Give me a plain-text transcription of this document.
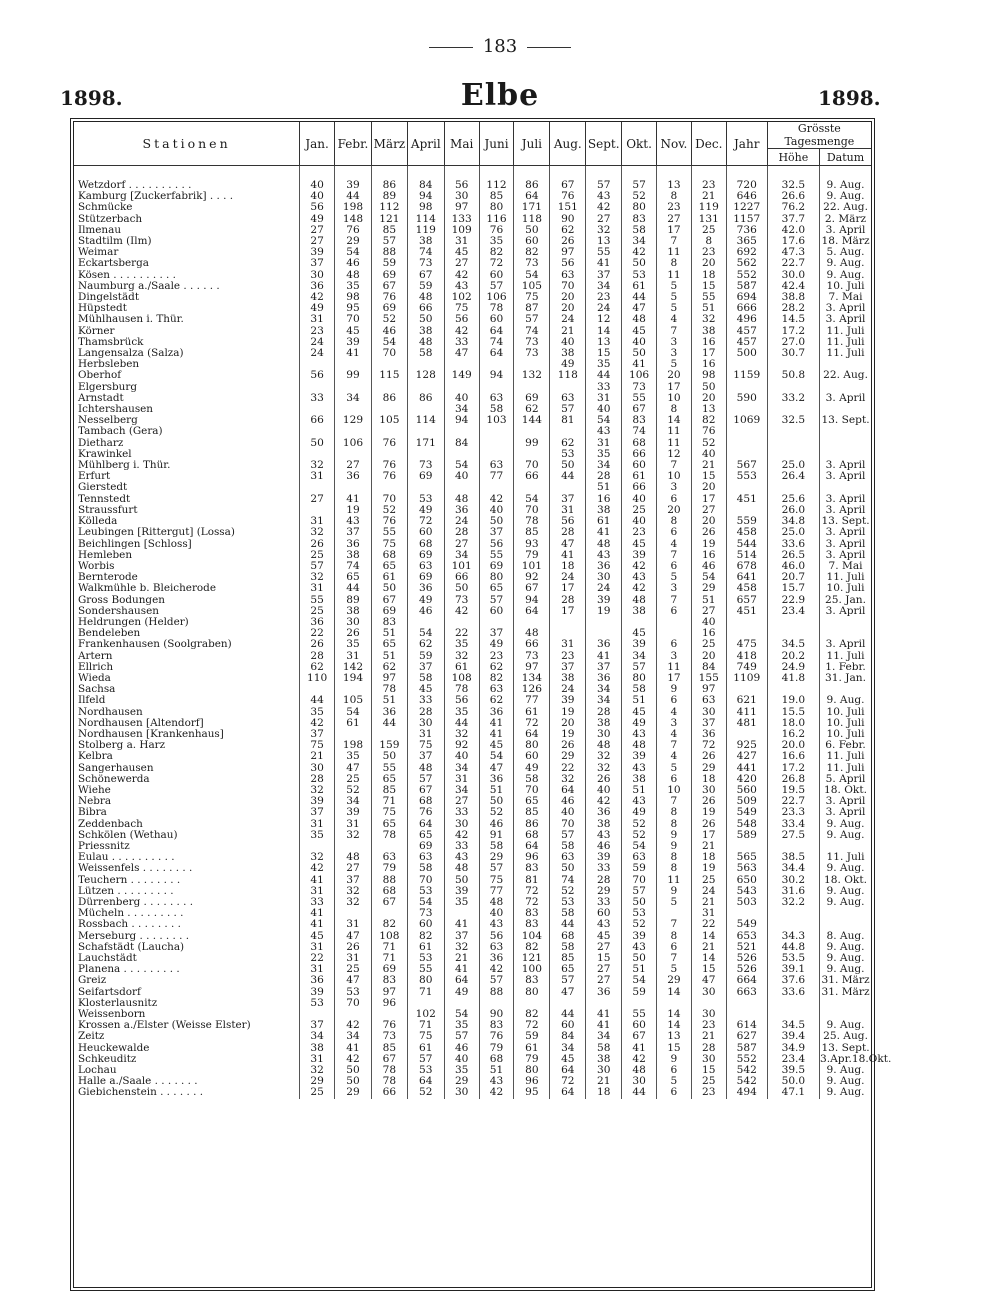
183
1898.	Elbe	1898.
Stationen	Jan.	Febr.	März	April	Mai	Juni	Juli	Aug.	Sept.	Okt.	Nov.	Dec.	Jahr	Grösste Tagesmenge	
														Höhe	Datum

Wetzdorf . . . . . . . . . .	40	39	86	84	56	112	86	67	57	57	13	23	720	32.5	9. Aug.
Kamburg [Zuckerfabrik] . . . .	40	44	89	94	30	85	64	76	43	52	8	21	646	26.6	9. Aug.
Schmücke	56	198	112	98	97	80	171	151	42	80	23	119	1227	76.2	22. Aug.
Stützerbach	49	148	121	114	133	116	118	90	27	83	27	131	1157	37.7	2. März
Ilmenau	27	76	85	119	109	76	50	62	32	58	17	25	736	42.0	3. April
Stadtilm (Ilm)	27	29	57	38	31	35	60	26	13	34	7	8	365	17.6	18. März
Weimar	39	54	88	74	45	82	82	97	55	42	11	23	692	47.3	5. Aug.
Eckartsberga	37	46	59	73	27	72	73	56	41	50	8	20	562	22.7	9. Aug.
Kösen . . . . . . . . . .	30	48	69	67	42	60	54	63	37	53	11	18	552	30.0	9. Aug.
Naumburg a./Saale . . . . . .	36	35	67	59	43	57	105	70	34	61	5	15	587	42.4	10. Juli
Dingelstädt	42	98	76	48	102	106	75	20	23	44	5	55	694	38.8	7. Mai
Hüpstedt	49	95	69	66	75	78	87	20	24	47	5	51	666	28.2	3. April
Mühlhausen i. Thür.	31	70	52	50	56	60	57	24	12	48	4	32	496	14.5	3. April
Körner	23	45	46	38	42	64	74	21	14	45	7	38	457	17.2	11. Juli
Thamsbrück	24	39	54	48	33	74	73	40	13	40	3	16	457	27.0	11. Juli
Langensalza (Salza)	24	41	70	58	47	64	73	38	15	50	3	17	500	30.7	11. Juli
Herbsleben								49	35	41	5	16			
Oberhof	56	99	115	128	149	94	132	118	44	106	20	98	1159	50.8	22. Aug.
Elgersburg									33	73	17	50			
Arnstadt	33	34	86	86	40	63	69	63	31	55	10	20	590	33.2	3. April
Ichtershausen					34	58	62	57	40	67	8	13			
Nesselberg	66	129	105	114	94	103	144	81	54	83	14	82	1069	32.5	13. Sept.
Tambach (Gera)									43	74	11	76			
Dietharz	50	106	76	171	84		99	62	31	68	11	52			
Krawinkel								53	35	66	12	40			
Mühlberg i. Thür.	32	27	76	73	54	63	70	50	34	60	7	21	567	25.0	3. April
Erfurt	31	36	76	69	40	77	66	44	28	61	10	15	553	26.4	3. April
Gierstedt									51	66	3	20			
Tennstedt	27	41	70	53	48	42	54	37	16	40	6	17	451	25.6	3. April
Straussfurt		19	52	49	36	40	70	31	38	25	20	27		26.0	3. April
Kölleda	31	43	76	72	24	50	78	56	61	40	8	20	559	34.8	13. Sept.
Leubingen [Rittergut] (Lossa)	32	37	55	60	28	37	85	28	41	23	6	26	458	25.0	3. April
Beichlingen [Schloss]	26	36	75	68	27	56	93	47	48	45	4	19	544	33.6	3. April
Hemleben	25	38	68	69	34	55	79	41	43	39	7	16	514	26.5	3. April
Worbis	57	74	65	63	101	69	101	18	36	42	6	46	678	46.0	7. Mai
Bernterode	32	65	61	69	66	80	92	24	30	43	5	54	641	20.7	11. Juli
Walkmühle b. Bleicherode	31	44	50	36	50	65	67	17	24	42	3	29	458	15.7	10. Juli
Gross Bodungen	55	89	67	49	73	57	94	28	39	48	7	51	657	22.9	25. Jan.
Sondershausen	25	38	69	46	42	60	64	17	19	38	6	27	451	23.4	3. April
Heldrungen (Helder)	36	30	83									40			
Bendeleben	22	26	51	54	22	37	48			45		16			
Frankenhausen (Soolgraben)	26	35	65	62	35	49	66	31	36	39	6	25	475	34.5	3. April
Artern	28	31	51	59	32	23	73	23	41	34	3	20	418	20.2	11. Juli
Ellrich	62	142	62	37	61	62	97	37	37	57	11	84	749	24.9	1. Febr.
Wieda	110	194	97	58	108	82	134	38	36	80	17	155	1109	41.8	31. Jan.
Sachsa			78	45	78	63	126	24	34	58	9	97			
Ilfeld	44	105	51	33	56	62	77	39	34	51	6	63	621	19.0	9. Aug.
Nordhausen	35	54	36	28	35	36	61	19	28	45	4	30	411	15.5	10. Juli
Nordhausen [Altendorf]	42	61	44	30	44	41	72	20	38	49	3	37	481	18.0	10. Juli
Nordhausen [Krankenhaus]	37			31	32	41	64	19	30	43	4	36		16.2	10. Juli
Stolberg a. Harz	75	198	159	75	92	45	80	26	48	48	7	72	925	20.0	6. Febr.
Kelbra	21	35	50	37	40	54	60	29	32	39	4	26	427	16.6	11. Juli
Sangerhausen	30	47	55	48	34	47	49	22	32	43	5	29	441	17.2	11. Juli
Schönewerda	28	25	65	57	31	36	58	32	26	38	6	18	420	26.8	5. April
Wiehe	32	52	85	67	34	51	70	64	40	51	10	30	560	19.5	18. Okt.
Nebra	39	34	71	68	27	50	65	46	42	43	7	26	509	22.7	3. April
Bibra	37	39	75	76	33	52	85	40	36	49	8	19	549	23.3	3. April
Zeddenbach	31	31	65	64	30	46	86	70	38	52	8	26	548	33.4	9. Aug.
Schkölen (Wethau)	35	32	78	65	42	91	68	57	43	52	9	17	589	27.5	9. Aug.
Priessnitz				69	33	58	64	58	46	54	9	21			
Eulau . . . . . . . . . .	32	48	63	63	43	29	96	63	39	63	8	18	565	38.5	11. Juli
Weissenfels . . . . . . . .	42	27	79	58	48	57	83	50	33	59	8	19	563	34.4	9. Aug.
Teuchern . . . . . . . .	41	37	88	70	50	75	81	74	28	70	11	25	650	30.2	18. Okt.
Lützen . . . . . . . . .	31	32	68	53	39	77	72	52	29	57	9	24	543	31.6	9. Aug.
Dürrenberg . . . . . . . .	33	32	67	54	35	48	72	53	33	50	5	21	503	32.2	9. Aug.
Mücheln . . . . . . . . .	41			73		40	83	58	60	53		31			
Rossbach . . . . . . . .	41	31	82	60	41	43	83	44	43	52	7	22	549		
Merseburg . . . . . . . .	45	47	108	82	37	56	104	68	45	39	8	14	653	34.3	8. Aug.
Schafstädt (Laucha)	31	26	71	61	32	63	82	58	27	43	6	21	521	44.8	9. Aug.
Lauchstädt	22	31	71	53	21	36	121	85	15	50	7	14	526	53.5	9. Aug.
Planena . . . . . . . . .	31	25	69	55	41	42	100	65	27	51	5	15	526	39.1	9. Aug.
Greiz	36	47	83	80	64	57	83	57	27	54	29	47	664	37.6	31. März
Seifartsdorf	39	53	97	71	49	88	80	47	36	59	14	30	663	33.6	31. März
Klosterlausnitz	53	70	96												
Weissenborn				102	54	90	82	44	41	55	14	30			
Krossen a./Elster (Weisse Elster)	37	42	76	71	35	83	72	60	41	60	14	23	614	34.5	9. Aug.
Zeitz	34	34	73	75	57	76	59	84	34	67	13	21	627	39.4	25. Aug.
Heuckewalde	38	41	85	61	46	79	61	34	58	41	15	28	587	34.9	13. Sept.
Schkeuditz	31	42	67	57	40	68	79	45	38	42	9	30	552	23.4	3.Apr.18.Okt.
Lochau	32	50	78	53	35	51	80	64	30	48	6	15	542	39.5	9. Aug.
Halle a./Saale . . . . . . .	29	50	78	64	29	43	96	72	21	30	5	25	542	50.0	9. Aug.
Giebichenstein . . . . . . .	25	29	66	52	30	42	95	64	18	44	6	23	494	47.1	9. Aug.
